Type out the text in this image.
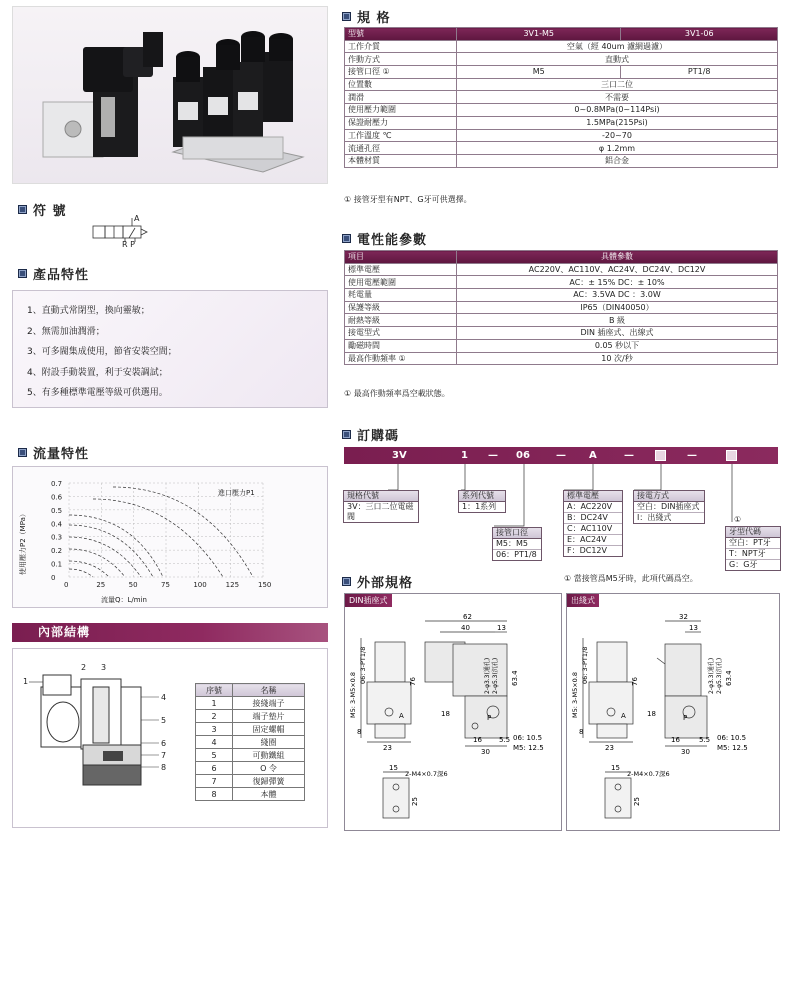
符 號	A
R P
產品特性
1、直動式常閉型，換向靈敏；
2、無需加油潤滑；
3、可多閥集成使用，節省安裝空間；
4、附設手動裝置，利于安裝調試；
5、有多種標準電壓等級可供選用。
流量特性
0	25	50	75	100	125	150
0
0.1
0.2
0.3
0.4
0.5
0.6
0.7
使用壓力P2（MPa）
流量Q：L/min
進口壓力P1
內部結構
1
2 3
4
5
6
7
8
序號	名稱
1	接綫端子
2	端子墊片
3	固定螺帽
4	綫圈
5	可動鐵組
6	O 令
7	復歸彈簧
8	本體
規 格
型號	3V1-M5	3V1-06
工作介質	空氣（經 40um 濾網過濾）	
作動方式	直動式	
接管口徑 ①	M5	PT1/8
位置數	三口二位	
潤滑	不需要	
使用壓力範圍	0~0.8MPa(0~114Psi)	
保證耐壓力	1.5MPa(215Psi)	
工作溫度 ℃	-20~70	
流通孔徑	φ 1.2mm	
本體材質	鋁合金	
① 接管牙型有NPT、G牙可供選擇。
電性能參數
項目	具體參數
標準電壓	AC220V、AC110V、AC24V、DC24V、DC12V
使用電壓範圍	AC：± 15% DC：± 10%
耗電量	AC：3.5VA DC ：3.0W
保護等級	IP65（DIN40050）
耐熱等級	B 級
接電型式	DIN 插座式、出線式
勵磁時間	0.05 秒以下
最高作動頻率 ①	10 次/秒
① 最高作動頻率爲空載狀態。
訂購碼
3V	1 — 06	— A	—	—
規格代號
3V：三口二位電磁閥
系列代號
1：1系列
接管口徑
M5：M5
06：PT1/8
標準電壓
A：AC220V
B：DC24V
C：AC110V
E：AC24V
F：DC12V
接電方式
空白：DIN插座式
I：出綫式	①
牙型代碼
空白：PT牙
T：NPT牙
G：G牙
① 當接管爲M5牙時，此項代碼爲空。
外部規格
DIN插座式
62
40	13
76
M5: 3-M5×0.8
06: 3-PT1/8
8
18
23
A
2-φ3.3(通孔) 2-φ5.3(沉孔) 63.4
P
16 5.5
30
06: 10.5
M5: 12.5
15
2-M4×0.7深6
25
出綫式
32
13
76
M5: 3-M5×0.8
06: 3-PT1/8
8
18
23
A
2-φ3.3(通孔) 2-φ5.3(沉孔) 63.4
P
16	5.5
30
06: 10.5
M5: 12.5
15
2-M4×0.7深6
25
